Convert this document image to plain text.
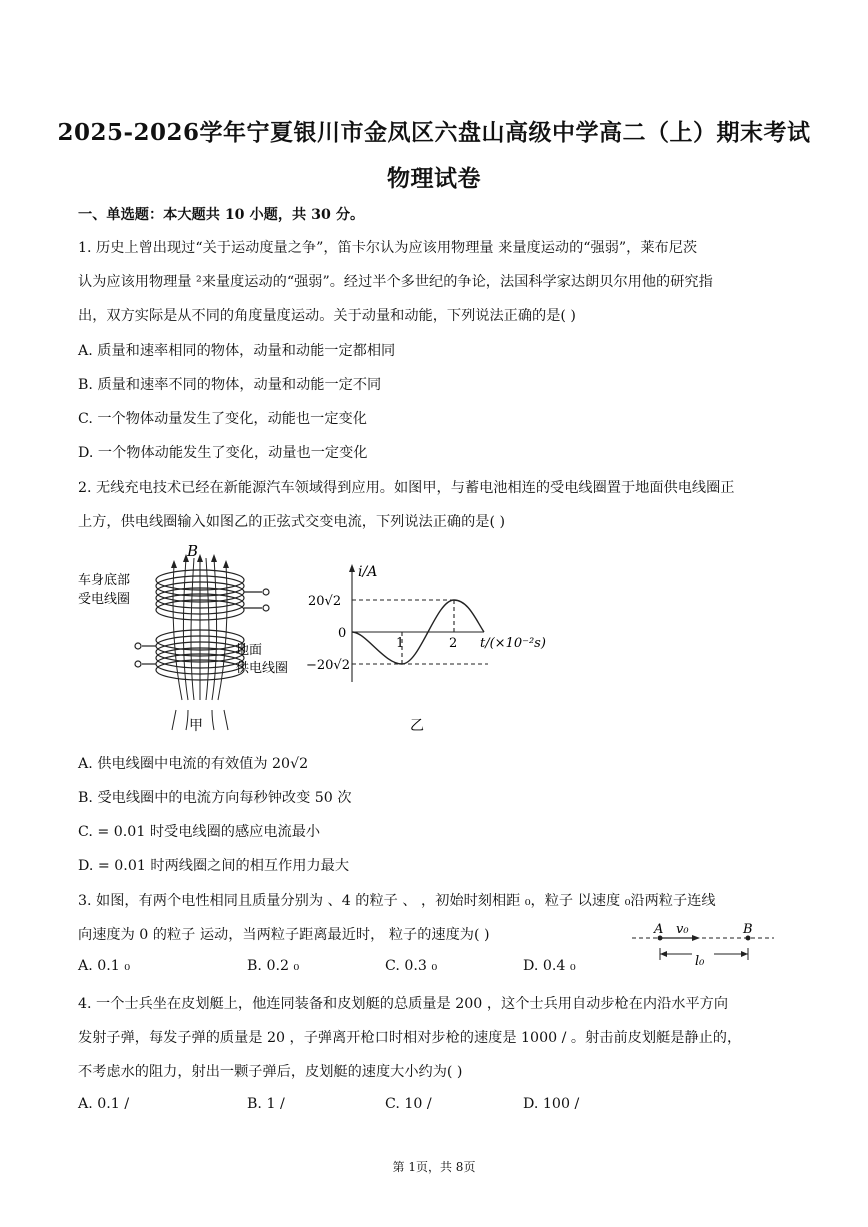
2025-2026学年宁夏银川市金凤区六盘山高级中学高二（上）期末考试
物理试卷
一、单选题：本大题共 10 小题，共 30 分。
1. 历史上曾出现过“关于运动度量之争”，笛卡尔认为应该用物理量 来量度运动的“强弱”，莱布尼茨
认为应该用物理量 ²来量度运动的“强弱”。经过半个多世纪的争论，法国科学家达朗贝尔用他的研究指
出，双方实际是从不同的角度量度运动。关于动量和动能，下列说法正确的是( )
A. 质量和速率相同的物体，动量和动能一定都相同
B. 质量和速率不同的物体，动量和动能一定不同
C. 一个物体动量发生了变化，动能也一定变化
D. 一个物体动能发生了变化，动量也一定变化
2. 无线充电技术已经在新能源汽车领域得到应用。如图甲，与蓄电池相连的受电线圈置于地面供电线圈正
上方，供电线圈输入如图乙的正弦式交变电流，下列说法正确的是( )
B
车身底部
受电线圈
地面
供电线圈
甲
i/A
20√2
0
−20√2
1	2 t/(×10⁻²s)
乙
A. 供电线圈中电流的有效值为 20√2
B. 受电线圈中的电流方向每秒钟改变 50 次
C. = 0.01 时受电线圈的感应电流最小
D. = 0.01 时两线圈之间的相互作用力最大
3. 如图，有两个电性相同且质量分别为 、4 的粒子 、 ，初始时刻相距 ₀，粒子 以速度 ₀沿两粒子连线
向速度为 0 的粒子 运动，当两粒子距离最近时， 粒子的速度为( )	A v₀	B
l₀
A. 0.1 ₀	B. 0.2 ₀	C. 0.3 ₀	D. 0.4 ₀
4. 一个士兵坐在皮划艇上，他连同装备和皮划艇的总质量是 200 ，这个士兵用自动步枪在内沿水平方向
发射子弹，每发子弹的质量是 20 ，子弹离开枪口时相对步枪的速度是 1000 / 。射击前皮划艇是静止的，
不考虑水的阻力，射出一颗子弹后，皮划艇的速度大小约为( )
A. 0.1 /	B. 1 /	C. 10 /	D. 100 /
第 1页，共 8页
